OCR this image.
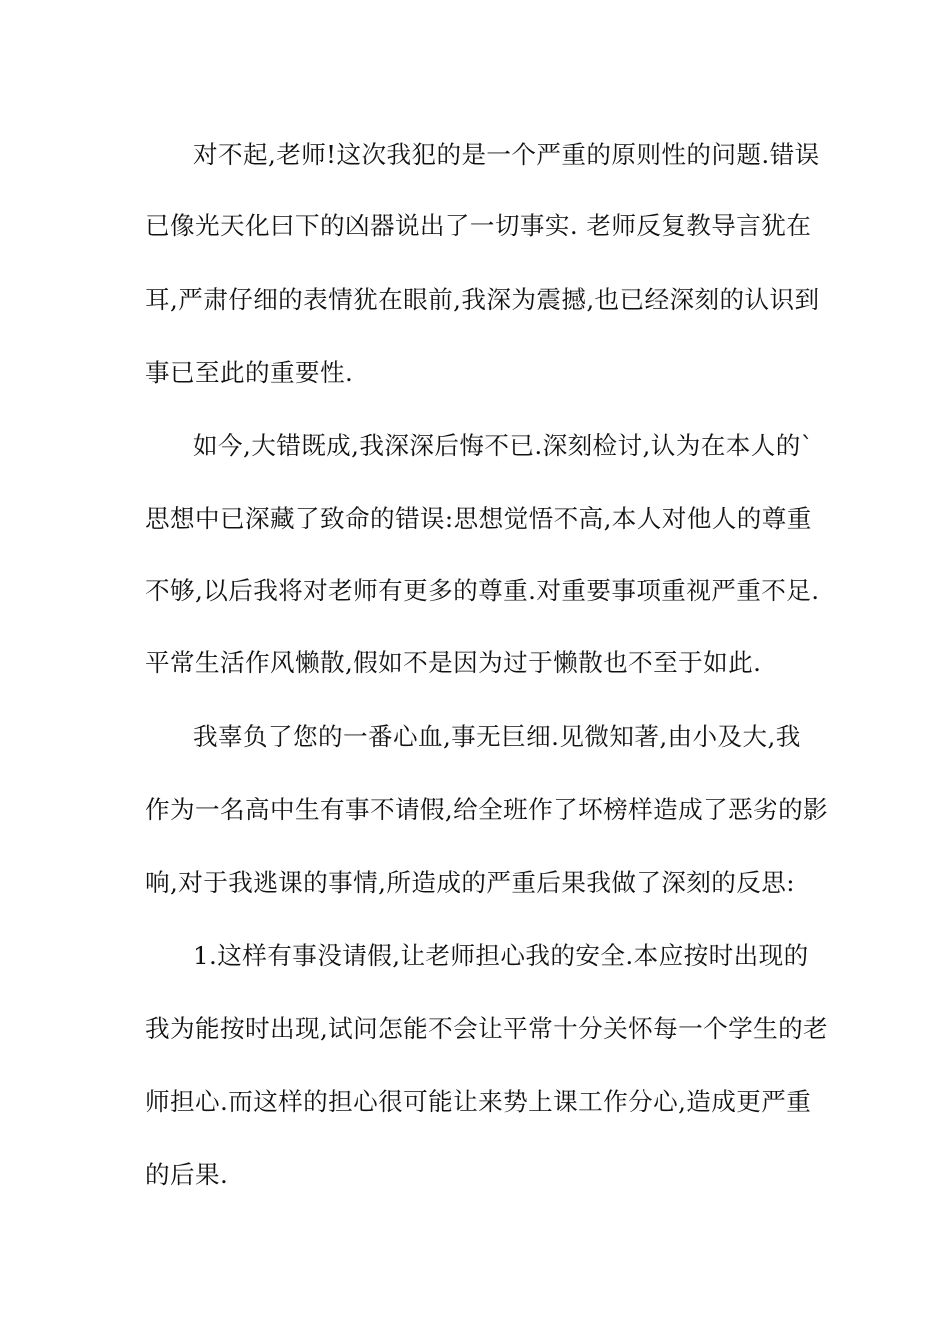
对不起,老师!这次我犯的是一个严重的原则性的问题.错误
已像光天化曰下的凶器说出了一切事实. 老师反复教导言犹在
耳,严肃仔细的表情犹在眼前,我深为震撼,也已经深刻的认识到
事已至此的重要性.
如今,大错既成,我深深后悔不已.深刻检讨,认为在本人的`
思想中已深藏了致命的错误:思想觉悟不高,本人对他人的尊重
不够,以后我将对老师有更多的尊重.对重要事项重视严重不足.
平常生活作风懒散,假如不是因为过于懒散也不至于如此.
我辜负了您的一番心血,事无巨细.见微知著,由小及大,我
作为一名高中生有事不请假,给全班作了坏榜样造成了恶劣的影
响,对于我逃课的事情,所造成的严重后果我做了深刻的反思:
1.这样有事没请假,让老师担心我的安全.本应按时出现的
我为能按时出现,试问怎能不会让平常十分关怀每一个学生的老
师担心.而这样的担心很可能让来势上课工作分心,造成更严重
的后果.
